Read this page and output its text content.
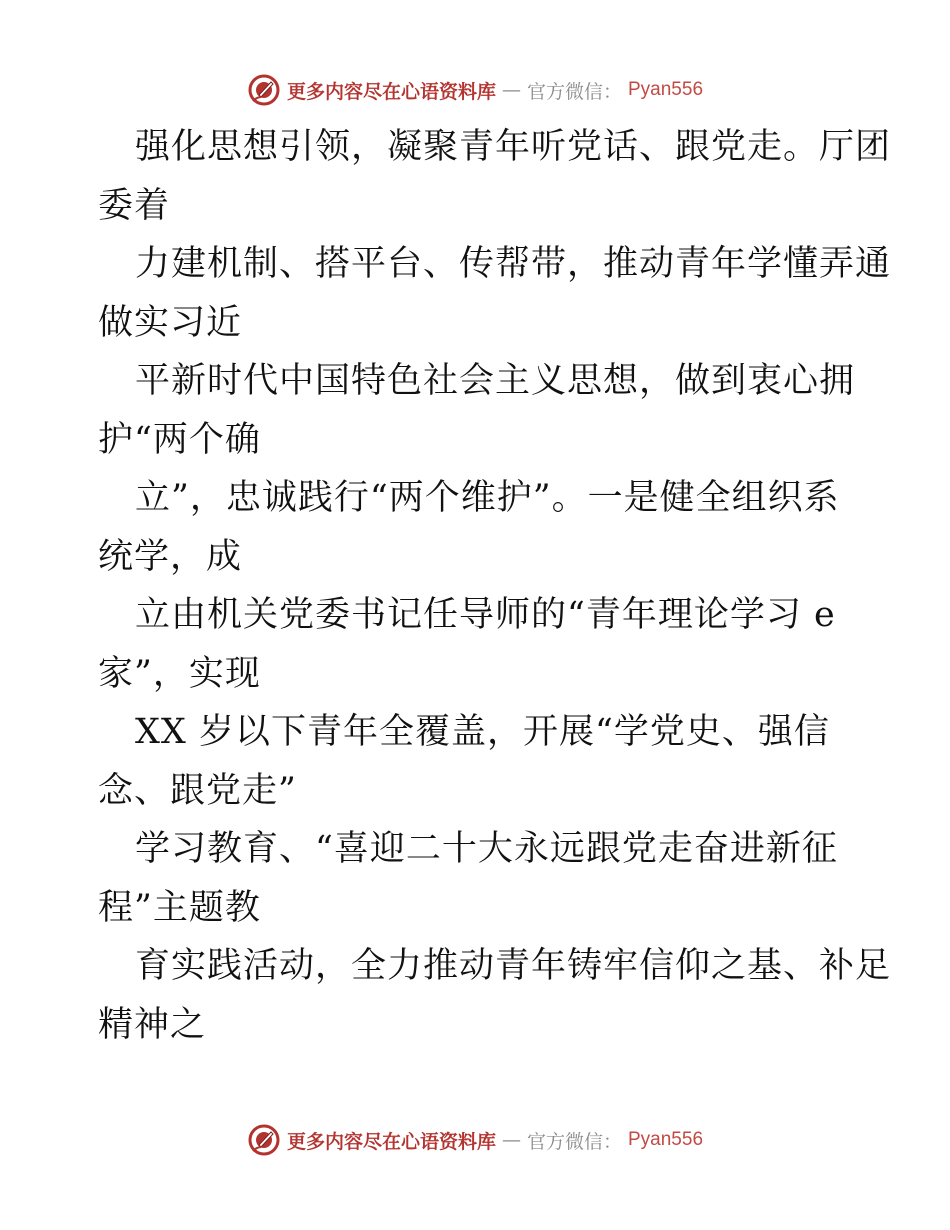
更多内容尽在心语资料库 — 官方微信： Pyan556
强化思想引领，凝聚青年听党话、跟党走。厅团
委着
力建机制、搭平台、传帮带，推动青年学懂弄通
做实习近
平新时代中国特色社会主义思想，做到衷心拥
护“两个确
立”，忠诚践行“两个维护”。一是健全组织系
统学，成
立由机关党委书记任导师的“青年理论学习 e
家”，实现
XX 岁以下青年全覆盖，开展“学党史、强信
念、跟党走”
学习教育、“喜迎二十大永远跟党走奋进新征
程”主题教
育实践活动，全力推动青年铸牢信仰之基、补足
精神之
更多内容尽在心语资料库 — 官方微信： Pyan556
